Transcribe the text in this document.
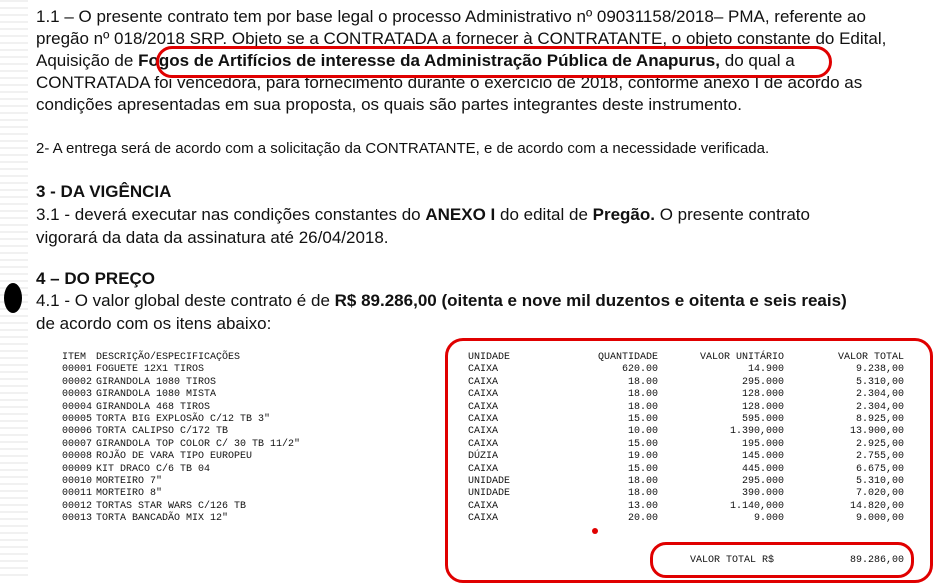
1.1 – O presente contrato tem por base legal o processo Administrativo nº 09031158/2018– PMA, referente ao
pregão nº 018/2018 SRP. Objeto se a CONTRATADA a fornecer à CONTRATANTE, o objeto constante do Edital,
Aquisição de Fogos de Artifícios de interesse da Administração Pública de Anapurus, do qual a
CONTRATADA foi vencedora, para fornecimento durante o exercício de 2018, conforme anexo I de acordo as
condições apresentadas em sua proposta, os quais são partes integrantes deste instrumento.
2- A entrega será de acordo com a solicitação da CONTRATANTE, e de acordo com a necessidade verificada.
3 - DA VIGÊNCIA
3.1 - deverá executar nas condições constantes do ANEXO I do edital de Pregão. O presente contrato
vigorará da data da assinatura até 26/04/2018.
4 – DO PREÇO
4.1 - O valor global deste contrato é de R$ 89.286,00 (oitenta e nove mil duzentos e oitenta e seis reais)
de acordo com os itens abaixo:
ITEM
00001
00002
00003
00004
00005
00006
00007
00008
00009
00010
00011
00012
00013
DESCRIÇÃO/ESPECIFICAÇÕES
FOGUETE 12X1 TIROS
GIRANDOLA 1080 TIROS
GIRANDOLA 1080 MISTA
GIRANDOLA 468 TIROS
TORTA BIG EXPLOSÃO C/12 TB 3"
TORTA CALIPSO C/172 TB
GIRANDOLA TOP COLOR C/ 30 TB 11/2"
ROJÃO DE VARA TIPO EUROPEU
KIT DRACO C/6 TB 04
MORTEIRO 7"
MORTEIRO 8"
TORTAS STAR WARS C/126 TB
TORTA BANCADÃO MIX 12"
UNIDADE
CAIXA
CAIXA
CAIXA
CAIXA
CAIXA
CAIXA
CAIXA
DÚZIA
CAIXA
UNIDADE
UNIDADE
CAIXA
CAIXA
QUANTIDADE
620.00
18.00
18.00
18.00
15.00
10.00
15.00
19.00
15.00
18.00
18.00
13.00
20.00
VALOR UNITÁRIO
14.900
295.000
128.000
128.000
595.000
1.390,000
195.000
145.000
445.000
295.000
390.000
1.140,000
9.000
VALOR TOTAL
9.238,00
5.310,00
2.304,00
2.304,00
8.925,00
13.900,00
2.925,00
2.755,00
6.675,00
5.310,00
7.020,00
14.820,00
9.000,00
VALOR TOTAL R$	89.286,00
